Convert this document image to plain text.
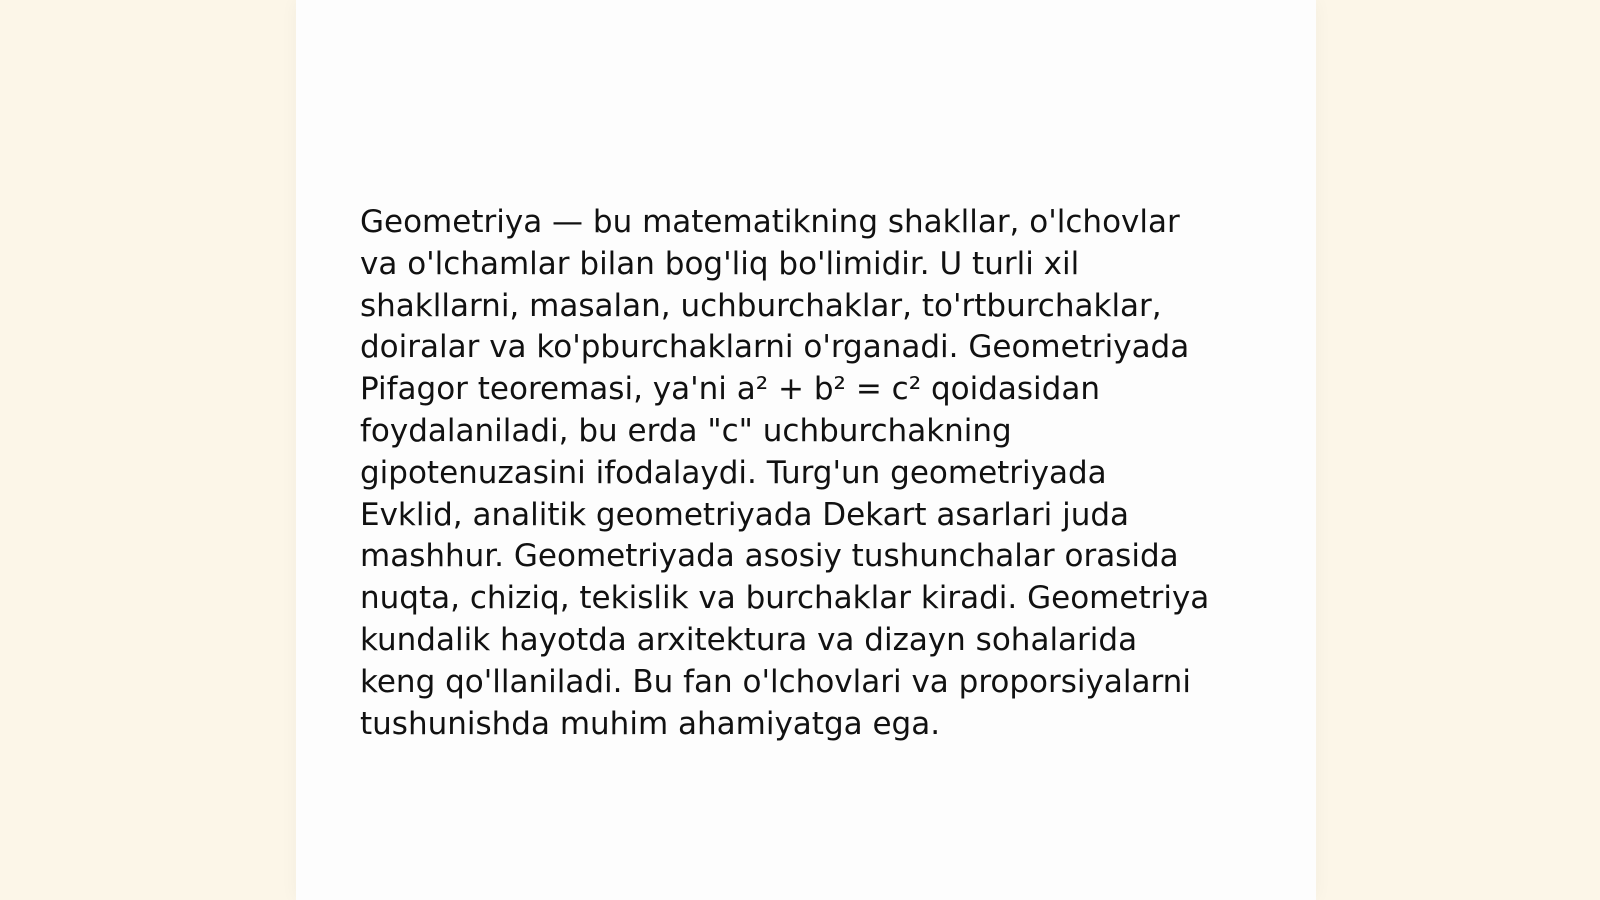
Geometriya — bu matematikning shakllar, o'lchovlar
va o'lchamlar bilan bog'liq bo'limidir. U turli xil
shakllarni, masalan, uchburchaklar, to'rtburchaklar,
doiralar va ko'pburchaklarni o'rganadi. Geometriyada
Pifagor teoremasi, ya'ni a² + b² = c² qoidasidan
foydalaniladi, bu erda "c" uchburchakning
gipotenuzasini ifodalaydi. Turg'un geometriyada
Evklid, analitik geometriyada Dekart asarlari juda
mashhur. Geometriyada asosiy tushunchalar orasida
nuqta, chiziq, tekislik va burchaklar kiradi. Geometriya
kundalik hayotda arxitektura va dizayn sohalarida
keng qo'llaniladi. Bu fan o'lchovlari va proporsiyalarni
tushunishda muhim ahamiyatga ega.
